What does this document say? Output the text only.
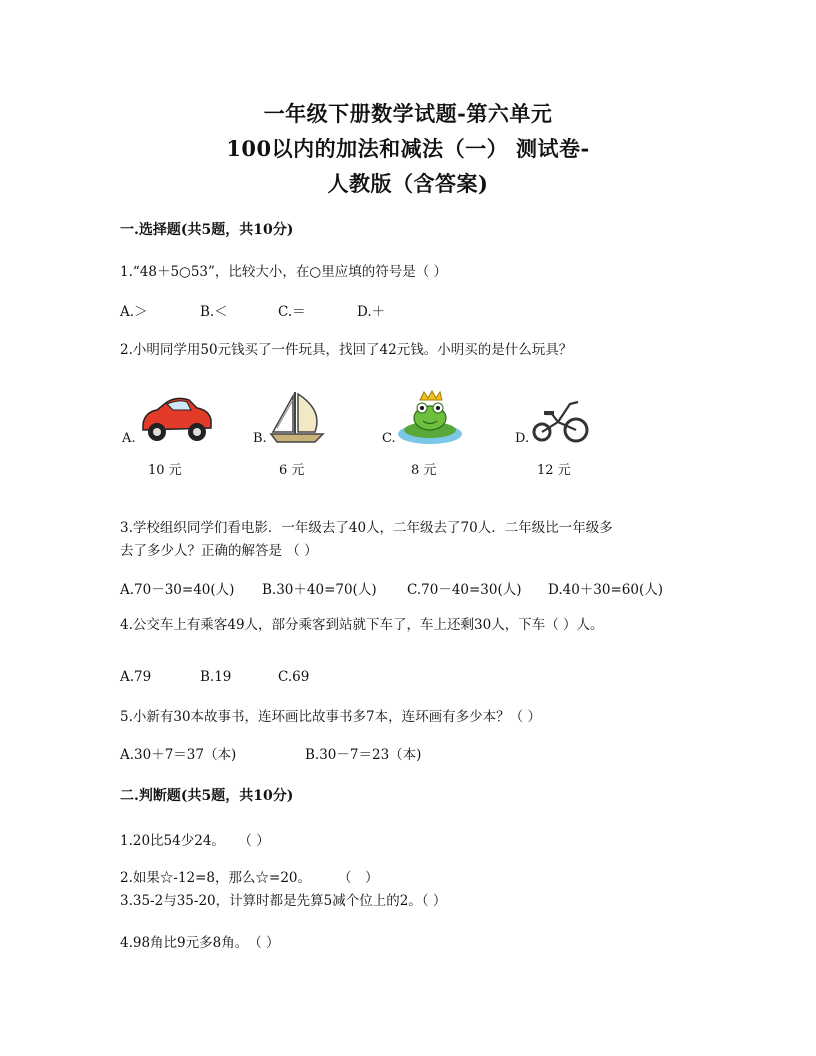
一年级下册数学试题-第六单元
100以内的加法和减法（一） 测试卷-
人教版（含答案)
一.选择题(共5题，共10分)
1.“48＋5○53”，比较大小，在○里应填的符号是（ ）
A.＞	B.＜	C.＝	D.＋
2.小明同学用50元钱买了一件玩具，找回了42元钱。小明买的是什么玩具？
A.
10 元
B.
6 元
C.
8 元
D.
12 元
3.学校组织同学们看电影．一年级去了40人，二年级去了70人．二年级比一年级多
去了多少人？正确的解答是 （ ）
A.70－30=40(人) B.30＋40=70(人) C.70－40=30(人) D.40＋30=60(人)
4.公交车上有乘客49人，部分乘客到站就下车了，车上还剩30人，下车（ ）人。
A.79	B.19	C.69
5.小新有30本故事书，连环画比故事书多7本，连环画有多少本？（ ）
A.30＋7＝37（本)	B.30－7＝23（本)
二.判断题(共5题，共10分)
1.20比54少24。　　（ ）
2.如果☆-12=8，那么☆=20。　　　（　）
3.35-2与35-20，计算时都是先算5减个位上的2。（ ）
4.98角比9元多8角。　（ ）
